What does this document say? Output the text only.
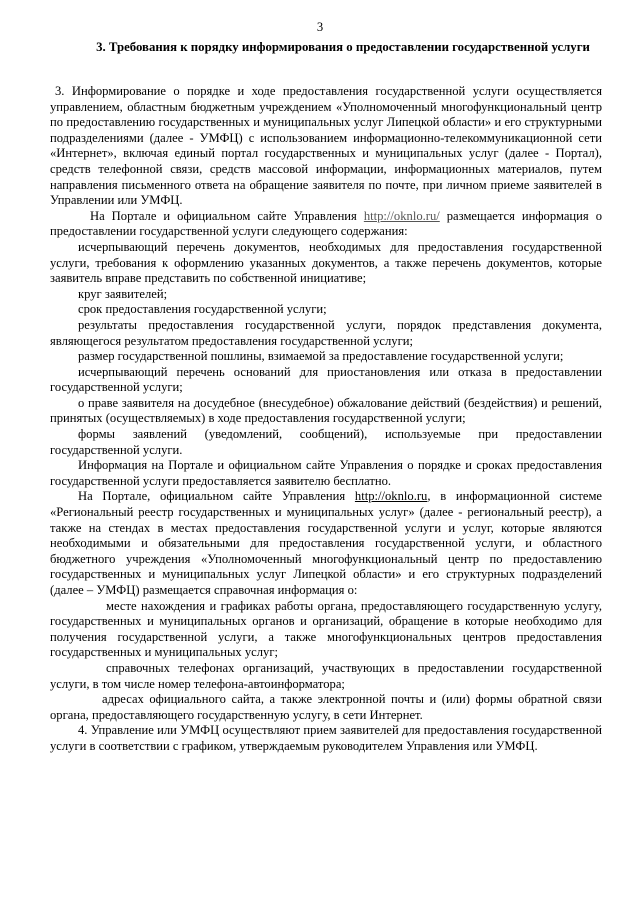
3
3. Требования к порядку информирования о предоставлении государственной услуги

3. Информирование о порядке и ходе предоставления государственной услуги осуществляется управлением, областным бюджетным учреждением «Уполномоченный многофункциональный центр по предоставлению государственных и муниципальных услуг Липецкой области» и его структурными подразделениями (далее - УМФЦ) с использованием информационно-телекоммуникационной сети «Интернет», включая единый портал государственных и муниципальных услуг (далее - Портал), средств телефонной связи, средств массовой информации, информационных материалов, путем направления письменного ответа на обращение заявителя по почте, при личном приеме заявителей в Управлении или УМФЦ.

На Портале и официальном сайте Управления http://oknlo.ru/ размещается информация о предоставлении государственной услуги следующего содержания:

исчерпывающий перечень документов, необходимых для предоставления государственной услуги, требования к оформлению указанных документов, а также перечень документов, которые заявитель вправе представить по собственной инициативе;

круг заявителей;

срок предоставления государственной услуги;

результаты предоставления государственной услуги, порядок представления документа, являющегося результатом предоставления государственной услуги;

размер государственной пошлины, взимаемой за предоставление государственной услуги;

исчерпывающий перечень оснований для приостановления или отказа в предоставлении государственной услуги;

о праве заявителя на досудебное (внесудебное) обжалование действий (бездействия) и решений, принятых (осуществляемых) в ходе предоставления государственной услуги;

формы заявлений (уведомлений, сообщений), используемые при предоставлении государственной услуги.

Информация на Портале и официальном сайте Управления о порядке и сроках предоставления государственной услуги предоставляется заявителю бесплатно.

На Портале, официальном сайте Управления http://oknlo.ru, в информационной системе «Региональный реестр государственных и муниципальных услуг» (далее - региональный реестр), а также на стендах в местах предоставления государственной услуги и услуг, которые являются необходимыми и обязательными для предоставления государственной услуги, и областного бюджетного учреждения «Уполномоченный многофункциональный центр по предоставлению государственных и муниципальных услуг Липецкой области» и его структурных подразделений (далее – УМФЦ) размещается справочная информация о:

месте нахождения и графиках работы органа, предоставляющего государственную услугу, государственных и муниципальных органов и организаций, обращение в которые необходимо для получения государственной услуги, а также многофункциональных центров предоставления государственных и муниципальных услуг;

справочных телефонах организаций, участвующих в предоставлении государственной услуги, в том числе номер телефона-автоинформатора;

адресах официального сайта, а также электронной почты и (или) формы обратной связи органа, предоставляющего государственную услугу, в сети Интернет.

4. Управление или УМФЦ осуществляют прием заявителей для предоставления государственной услуги в соответствии с графиком, утверждаемым руководителем Управления или УМФЦ.
